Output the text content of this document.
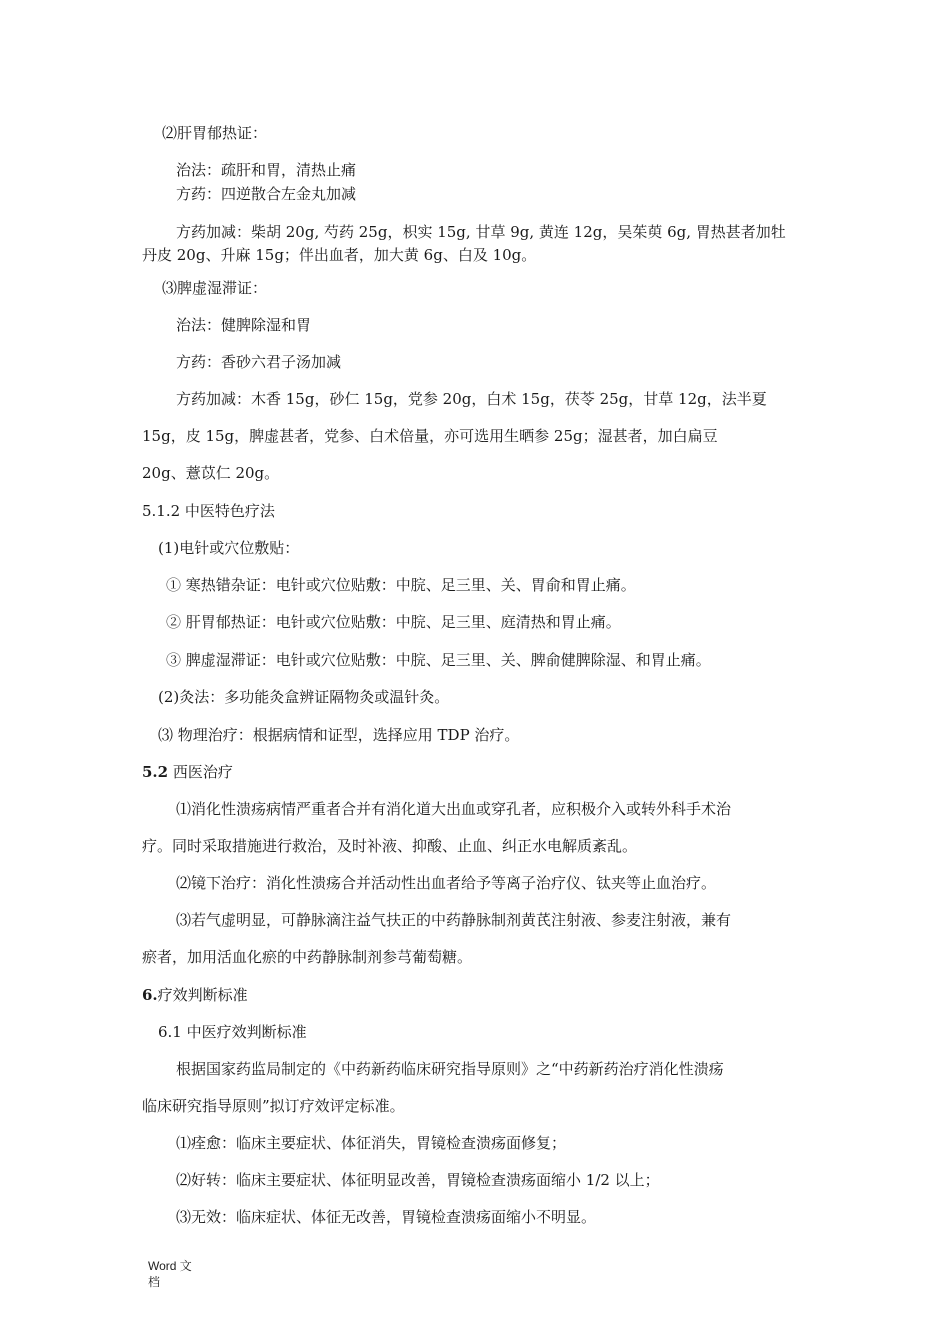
⑵肝胃郁热证：
治法：疏肝和胃，清热止痛
方药：四逆散合左金丸加减
方药加减：柴胡 20g, 芍药 25g，枳实 15g, 甘草 9g, 黄连 12g，吴茱萸 6g, 胃热甚者加牡
丹皮 20g、升麻 15g；伴出血者，加大黄 6g、白及 10g。
⑶脾虚湿滞证：
治法：健脾除湿和胃
方药：香砂六君子汤加减
方药加减：木香 15g，砂仁 15g，党参 20g，白术 15g，茯苓 25g，甘草 12g，法半夏
15g，皮 15g，脾虚甚者，党参、白术倍量，亦可选用生晒参 25g；湿甚者，加白扁豆
20g、薏苡仁 20g。
5.1.2 中医特色疗法
(1)电针或穴位敷贴：
① 寒热错杂证：电针或穴位贴敷：中脘、足三里、关、胃俞和胃止痛。
② 肝胃郁热证：电针或穴位贴敷：中脘、足三里、庭清热和胃止痛。
③ 脾虚湿滞证：电针或穴位贴敷：中脘、足三里、关、脾俞健脾除湿、和胃止痛。
(2)灸法：多功能灸盒辨证隔物灸或温针灸。
⑶ 物理治疗：根据病情和证型，选择应用 TDP 治疗。
5.2 西医治疗
⑴消化性溃疡病情严重者合并有消化道大出血或穿孔者，应积极介入或转外科手术治
疗。同时采取措施进行救治，及时补液、抑酸、止血、纠正水电解质紊乱。
⑵镜下治疗：消化性溃疡合并活动性出血者给予等离子治疗仪、钛夹等止血治疗。
⑶若气虚明显，可静脉滴注益气扶正的中药静脉制剂黄芪注射液、参麦注射液，兼有
瘀者，加用活血化瘀的中药静脉制剂参芎葡萄糖。
6.疗效判断标准
6.1 中医疗效判断标准
根据国家药监局制定的《中药新药临床研究指导原则》之“中药新药治疗消化性溃疡
临床研究指导原则”拟订疗效评定标准。
⑴痊愈：临床主要症状、体征消失，胃镜检查溃疡面修复；
⑵好转：临床主要症状、体征明显改善，胃镜检查溃疡面缩小 1/2 以上；
⑶无效：临床症状、体征无改善，胃镜检查溃疡面缩小不明显。
Word 文
档
